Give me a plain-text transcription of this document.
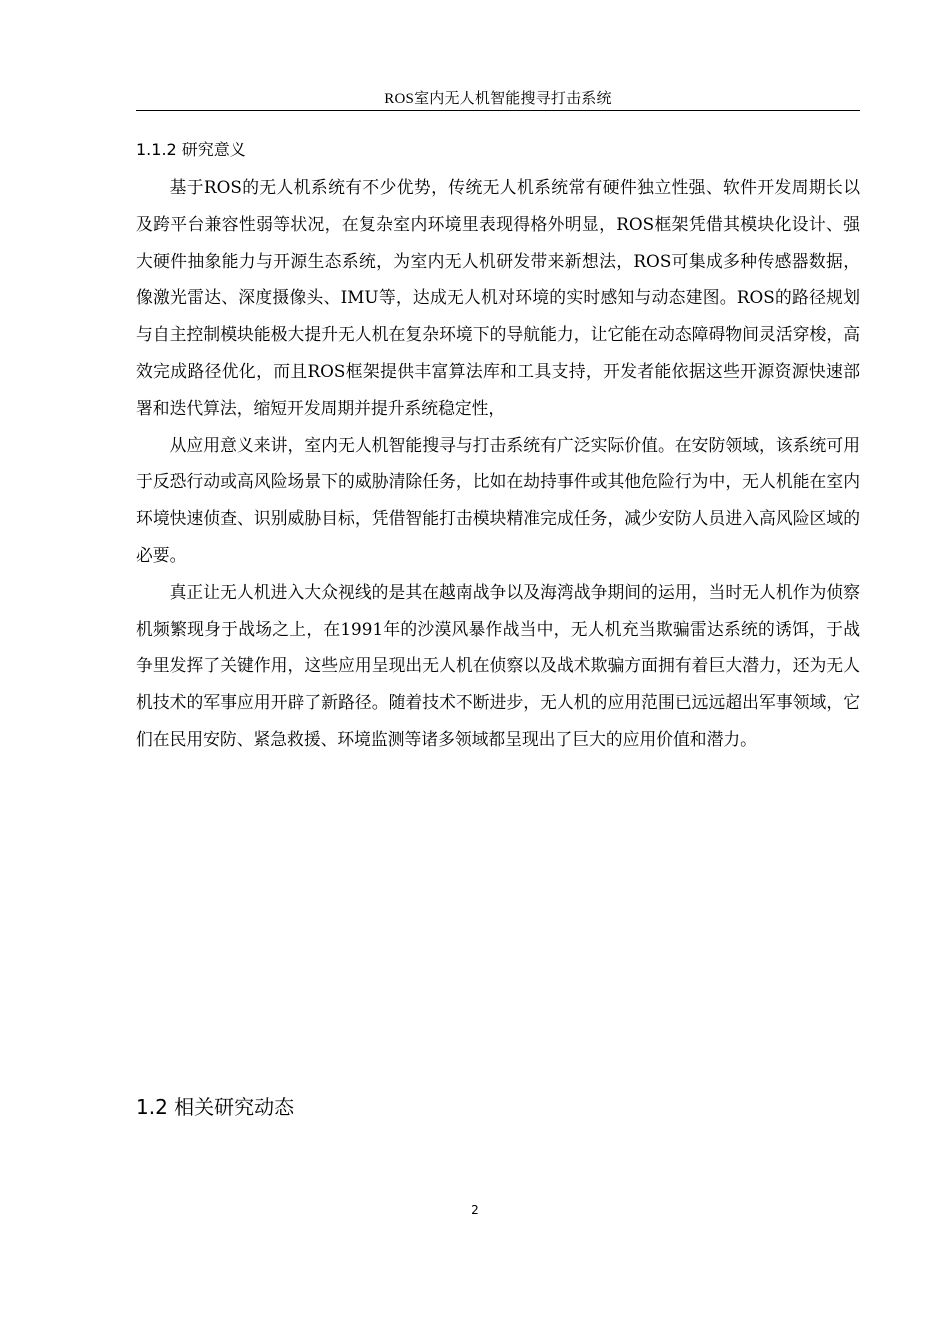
ROS室内无人机智能搜寻打击系统
1.1.2 研究意义

基于ROS的无人机系统有不少优势，传统无人机系统常有硬件独立性强、软件开发周期长以及跨平台兼容性弱等状况，在复杂室内环境里表现得格外明显，ROS框架凭借其模块化设计、强大硬件抽象能力与开源生态系统，为室内无人机研发带来新想法，ROS可集成多种传感器数据，像激光雷达、深度摄像头、IMU等，达成无人机对环境的实时感知与动态建图。ROS的路径规划与自主控制模块能极大提升无人机在复杂环境下的导航能力，让它能在动态障碍物间灵活穿梭，高效完成路径优化，而且ROS框架提供丰富算法库和工具支持，开发者能依据这些开源资源快速部署和迭代算法，缩短开发周期并提升系统稳定性，

从应用意义来讲，室内无人机智能搜寻与打击系统有广泛实际价值。在安防领域，该系统可用于反恐行动或高风险场景下的威胁清除任务，比如在劫持事件或其他危险行为中，无人机能在室内环境快速侦查、识别威胁目标，凭借智能打击模块精准完成任务，减少安防人员进入高风险区域的必要。

真正让无人机进入大众视线的是其在越南战争以及海湾战争期间的运用，当时无人机作为侦察机频繁现身于战场之上，在1991年的沙漠风暴作战当中，无人机充当欺骗雷达系统的诱饵，于战争里发挥了关键作用，这些应用呈现出无人机在侦察以及战术欺骗方面拥有着巨大潜力，还为无人机技术的军事应用开辟了新路径。随着技术不断进步，无人机的应用范围已远远超出军事领域，它们在民用安防、紧急救援、环境监测等诸多领域都呈现出了巨大的应用价值和潜力。

1.2 相关研究动态
2
